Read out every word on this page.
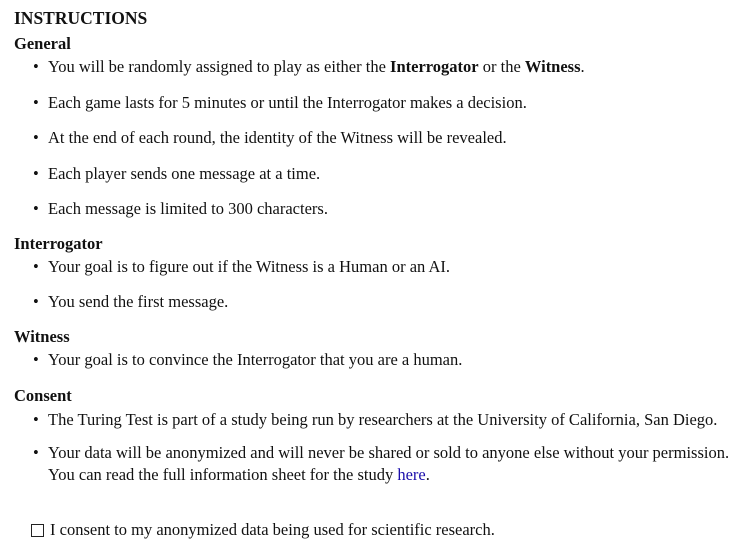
INSTRUCTIONS
General
• You will be randomly assigned to play as either the Interrogator or the Witness.
• Each game lasts for 5 minutes or until the Interrogator makes a decision.
• At the end of each round, the identity of the Witness will be revealed.
• Each player sends one message at a time.
• Each message is limited to 300 characters.
Interrogator
• Your goal is to figure out if the Witness is a Human or an AI.
• You send the first message.
Witness
• Your goal is to convince the Interrogator that you are a human.
Consent
• The Turing Test is part of a study being run by researchers at the University of California, San Diego.
• Your data will be anonymized and will never be shared or sold to anyone else without your permission.
You can read the full information sheet for the study here.
I consent to my anonymized data being used for scientific research.
